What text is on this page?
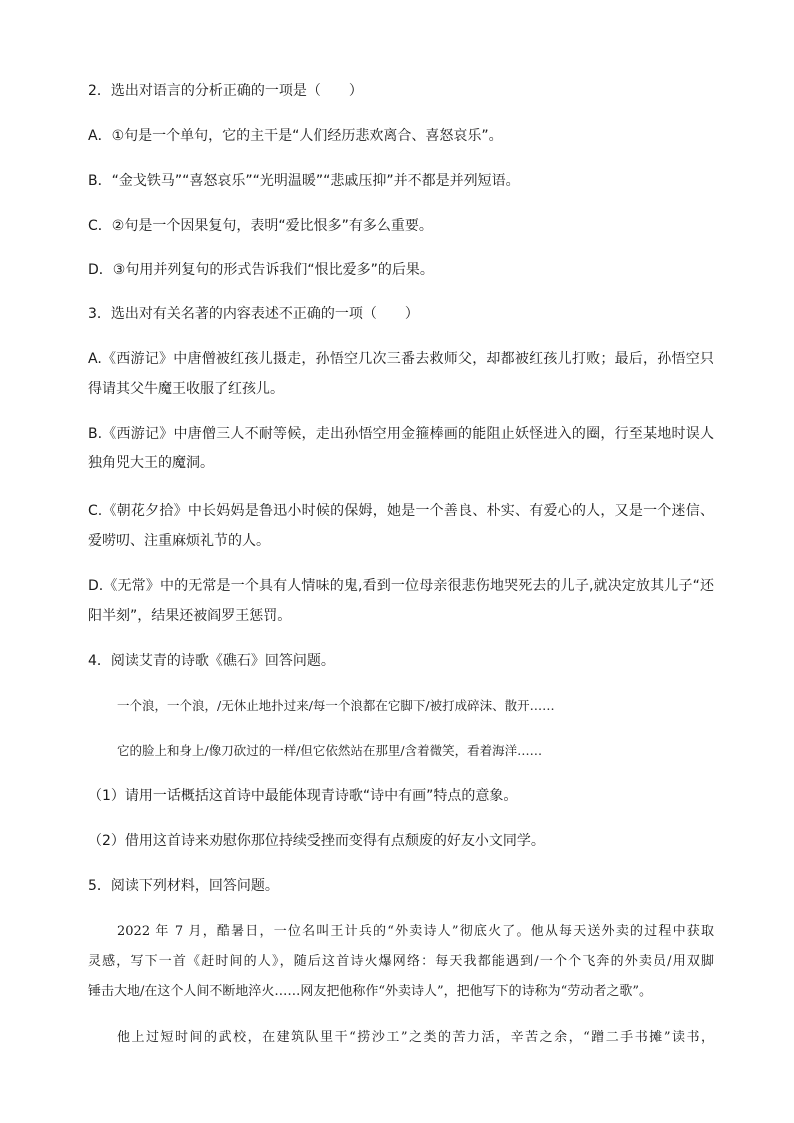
2．选出对语言的分析正确的一项是（　　）
A．①句是一个单句，它的主干是“人们经历悲欢离合、喜怒哀乐”。
B．“金戈铁马”“喜怒哀乐”“光明温暖”“悲戚压抑”并不都是并列短语。
C．②句是一个因果复句，表明“爱比恨多”有多么重要。
D．③句用并列复句的形式告诉我们“恨比爱多”的后果。
3．选出对有关名著的内容表述不正确的一项（　　）
A.《西游记》中唐僧被红孩儿摄走，孙悟空几次三番去救师父，却都被红孩儿打败；最后，孙悟空只
得请其父牛魔王收服了红孩儿。
B.《西游记》中唐僧三人不耐等候，走出孙悟空用金箍棒画的能阻止妖怪进入的圈，行至某地时误人
独角兕大王的魔洞。
C.《朝花夕拾》中长妈妈是鲁迅小时候的保姆，她是一个善良、朴实、有爱心的人，又是一个迷信、
爱唠叨、注重麻烦礼节的人。
D.《无常》中的无常是一个具有人情味的鬼,看到一位母亲很悲伤地哭死去的儿子,就决定放其儿子“还
阳半刻”，结果还被阎罗王惩罚。
4．阅读艾青的诗歌《礁石》回答问题。
一个浪，一个浪，/无休止地扑过来/每一个浪都在它脚下/被打成碎沫、散开……
它的脸上和身上/像刀砍过的一样/但它依然站在那里/含着微笑，看着海洋……
（1）请用一话概括这首诗中最能体现青诗歌“诗中有画”特点的意象。
（2）借用这首诗来劝慰你那位持续受挫而变得有点颓废的好友小文同学。
5．阅读下列材料，回答问题。
2022 年 7 月，酷暑日，一位名叫王计兵的“外卖诗人”彻底火了。他从每天送外卖的过程中获取
灵感，写下一首《赶时间的人》，随后这首诗火爆网络：每天我都能遇到/一个个飞奔的外卖员/用双脚
锤击大地/在这个人间不断地淬火……网友把他称作“外卖诗人”，把他写下的诗称为“劳动者之歌”。
他上过短时间的武校，在建筑队里干“捞沙工”之类的苦力活，辛苦之余，“蹭二手书摊”读书，
